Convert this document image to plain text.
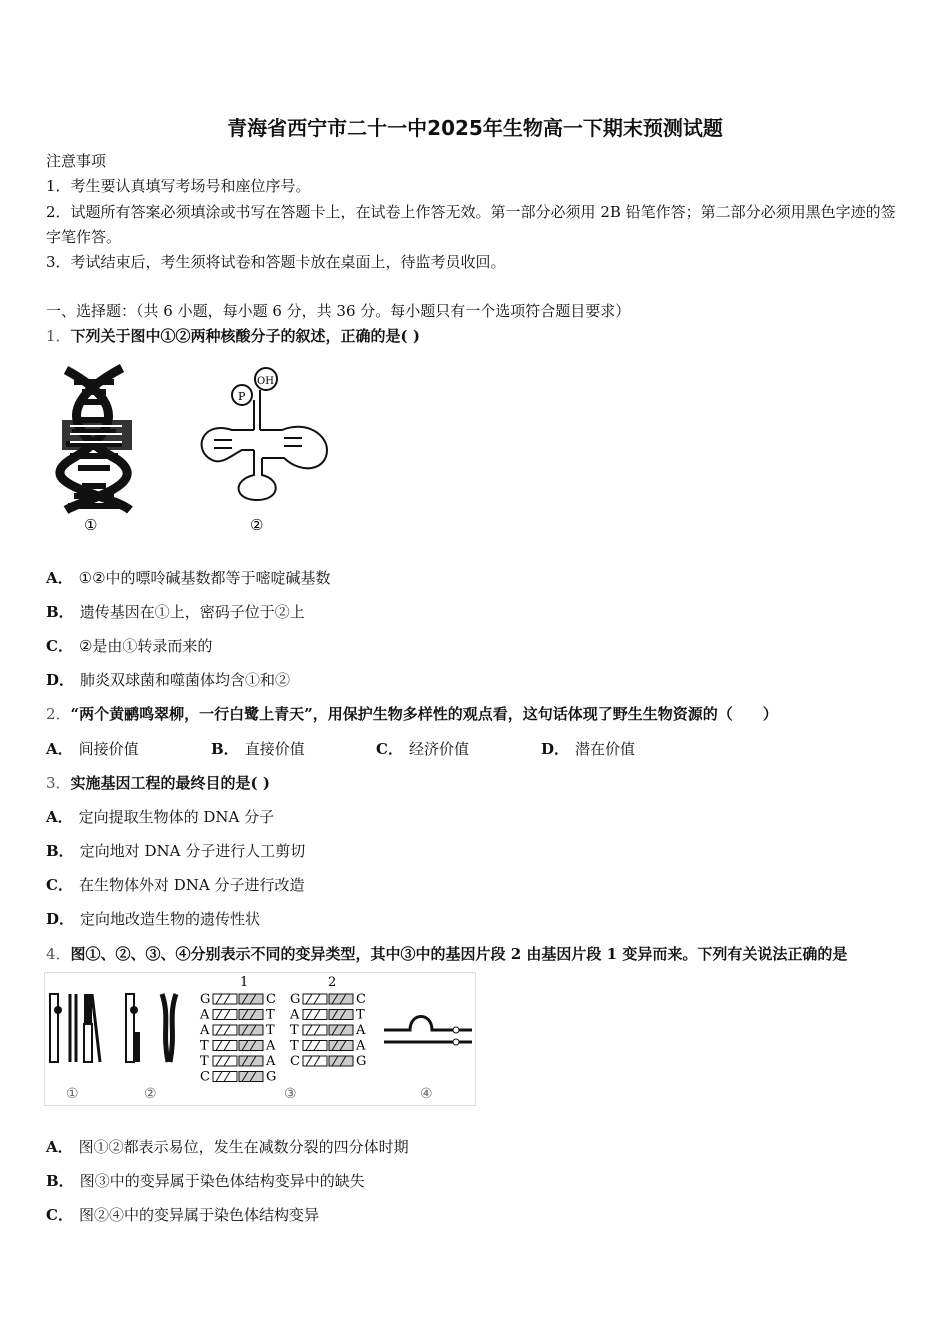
青海省西宁市二十一中2025年生物高一下期末预测试题
注意事项
1．考生要认真填写考场号和座位序号。
2．试题所有答案必须填涂或书写在答题卡上，在试卷上作答无效。第一部分必须用 2B 铅笔作答；第二部分必须用黑色字迹的签字笔作答。
3．考试结束后，考生须将试卷和答题卡放在桌面上，待监考员收回。
一、选择题：（共 6 小题，每小题 6 分，共 36 分。每小题只有一个选项符合题目要求）
1．下列关于图中①②两种核酸分子的叙述，正确的是( )
①
P
OH
②
A． ①②中的嘌呤碱基数都等于嘧啶碱基数
B． 遗传基因在①上，密码子位于②上
C． ②是由①转录而来的
D． 肺炎双球菌和噬菌体均含①和②
2．“两个黄鹂鸣翠柳，一行白鹭上青天”，用保护生物多样性的观点看，这句话体现了野生生物资源的（　　）
A． 间接价值	B． 直接价值	C． 经济价值	D． 潜在价值
3．实施基因工程的最终目的是( )
A． 定向提取生物体的 DNA 分子
B． 定向地对 DNA 分子进行人工剪切
C． 在生物体外对 DNA 分子进行改造
D． 定向地改造生物的遗传性状
4．图①、②、③、④分别表示不同的变异类型，其中③中的基因片段 2 由基因片段 1 变异而来。下列有关说法正确的是
①	②
1	2
G	C
A	T
A	T
T	A
T	A
C	G
G	C
A	T
T	A
T	A
C	G
③	④
A． 图①②都表示易位，发生在减数分裂的四分体时期
B． 图③中的变异属于染色体结构变异中的缺失
C． 图②④中的变异属于染色体结构变异
